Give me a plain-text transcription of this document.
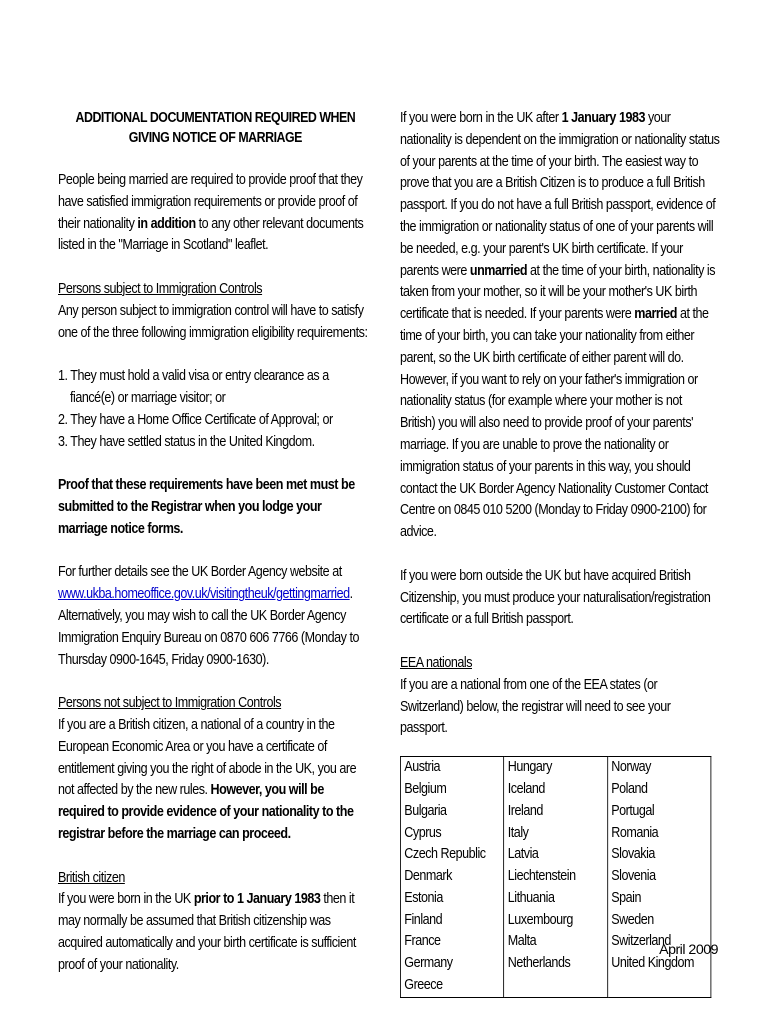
ADDITIONAL DOCUMENTATION REQUIRED WHEN
GIVING NOTICE OF MARRIAGE

People being married are required to provide proof that they have satisfied immigration requirements or provide proof of their nationality in addition to any other relevant documents listed in the "Marriage in Scotland" leaflet.

Persons subject to Immigration Controls

Any person subject to immigration control will have to satisfy one of the three following immigration eligibility requirements:

1. They must hold a valid visa or entry clearance as a fiancé(e) or marriage visitor; or
2. They have a Home Office Certificate of Approval; or
3. They have settled status in the United Kingdom.

Proof that these requirements have been met must be submitted to the Registrar when you lodge your marriage notice forms.

For further details see the UK Border Agency website at www.ukba.homeoffice.gov.uk/visitingtheuk/gettingmarried. Alternatively, you may wish to call the UK Border Agency Immigration Enquiry Bureau on 0870 606 7766 (Monday to Thursday 0900-1645, Friday 0900-1630).

Persons not subject to Immigration Controls

If you are a British citizen, a national of a country in the European Economic Area or you have a certificate of entitlement giving you the right of abode in the UK, you are not affected by the new rules. However, you will be required to provide evidence of your nationality to the registrar before the marriage can proceed.

British citizen

If you were born in the UK prior to 1 January 1983 then it may normally be assumed that British citizenship was acquired automatically and your birth certificate is sufficient proof of your nationality.

If you were born in the UK after 1 January 1983 your nationality is dependent on the immigration or nationality status of your parents at the time of your birth. The easiest way to prove that you are a British Citizen is to produce a full British passport. If you do not have a full British passport, evidence of the immigration or nationality status of one of your parents will be needed, e.g. your parent's UK birth certificate. If your parents were unmarried at the time of your birth, nationality is taken from your mother, so it will be your mother's UK birth certificate that is needed. If your parents were married at the time of your birth, you can take your nationality from either parent, so the UK birth certificate of either parent will do. However, if you want to rely on your father's immigration or nationality status (for example where your mother is not British) you will also need to provide proof of your parents' marriage. If you are unable to prove the nationality or immigration status of your parents in this way, you should contact the UK Border Agency Nationality Customer Contact Centre on 0845 010 5200 (Monday to Friday 0900-2100) for advice.

If you were born outside the UK but have acquired British Citizenship, you must produce your naturalisation/registration certificate or a full British passport.

EEA nationals

If you are a national from one of the EEA states (or Switzerland) below, the registrar will need to see your passport.

Austria
Belgium
Bulgaria
Cyprus
Czech Republic
Denmark
Estonia
Finland
France
Germany
Greece

Hungary
Iceland
Ireland
Italy
Latvia
Liechtenstein
Lithuania
Luxembourg
Malta
Netherlands

Norway
Poland
Portugal
Romania
Slovakia
Slovenia
Spain
Sweden
Switzerland
United Kingdom
April 2009
